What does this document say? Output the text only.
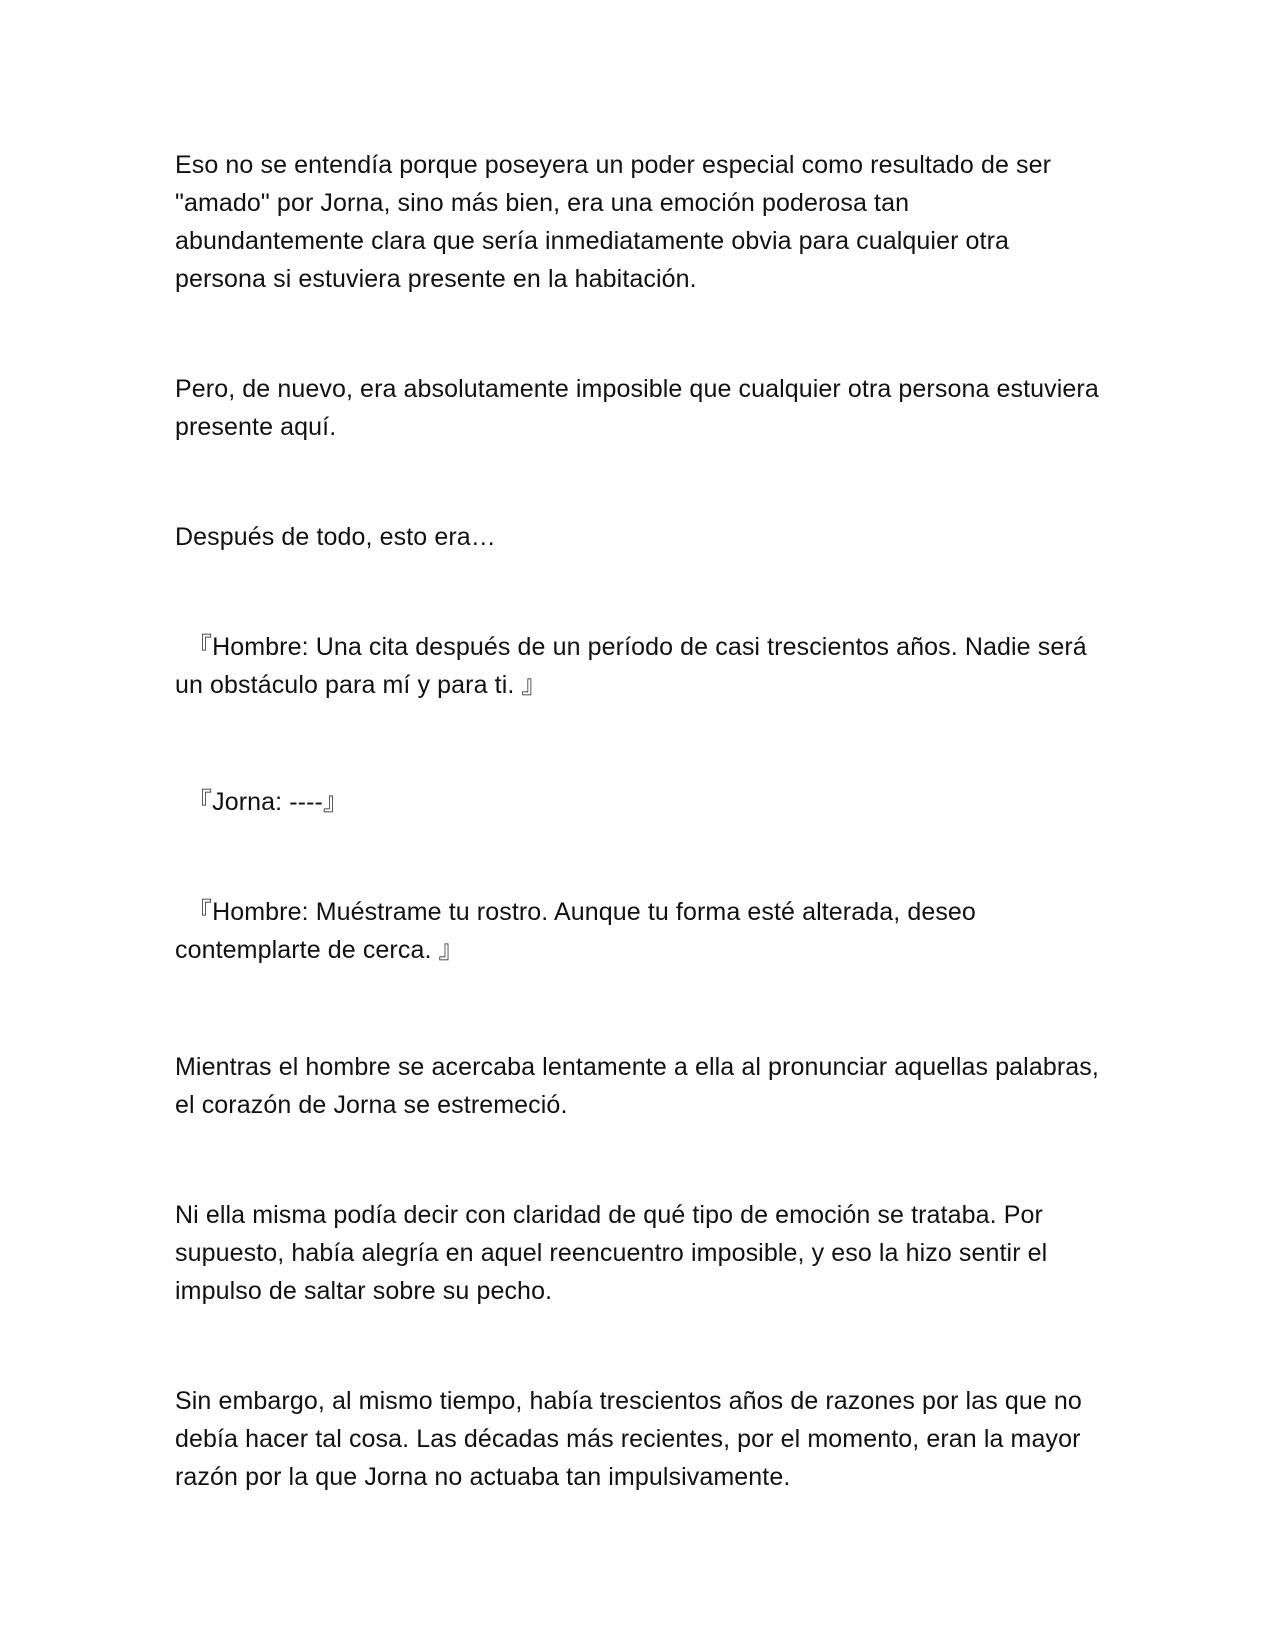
Eso no se entendía porque poseyera un poder especial como resultado de ser "amado" por Jorna, sino más bien, era una emoción poderosa tan abundantemente clara que sería inmediatamente obvia para cualquier otra persona si estuviera presente en la habitación.

Pero, de nuevo, era absolutamente imposible que cualquier otra persona estuviera presente aquí.

Después de todo, esto era…

『Hombre: Una cita después de un período de casi trescientos años. Nadie será un obstáculo para mí y para ti. 』

『Jorna: ----』

『Hombre: Muéstrame tu rostro. Aunque tu forma esté alterada, deseo contemplarte de cerca. 』

Mientras el hombre se acercaba lentamente a ella al pronunciar aquellas palabras, el corazón de Jorna se estremeció.

Ni ella misma podía decir con claridad de qué tipo de emoción se trataba. Por supuesto, había alegría en aquel reencuentro imposible, y eso la hizo sentir el impulso de saltar sobre su pecho.

Sin embargo, al mismo tiempo, había trescientos años de razones por las que no debía hacer tal cosa. Las décadas más recientes, por el momento, eran la mayor razón por la que Jorna no actuaba tan impulsivamente.
